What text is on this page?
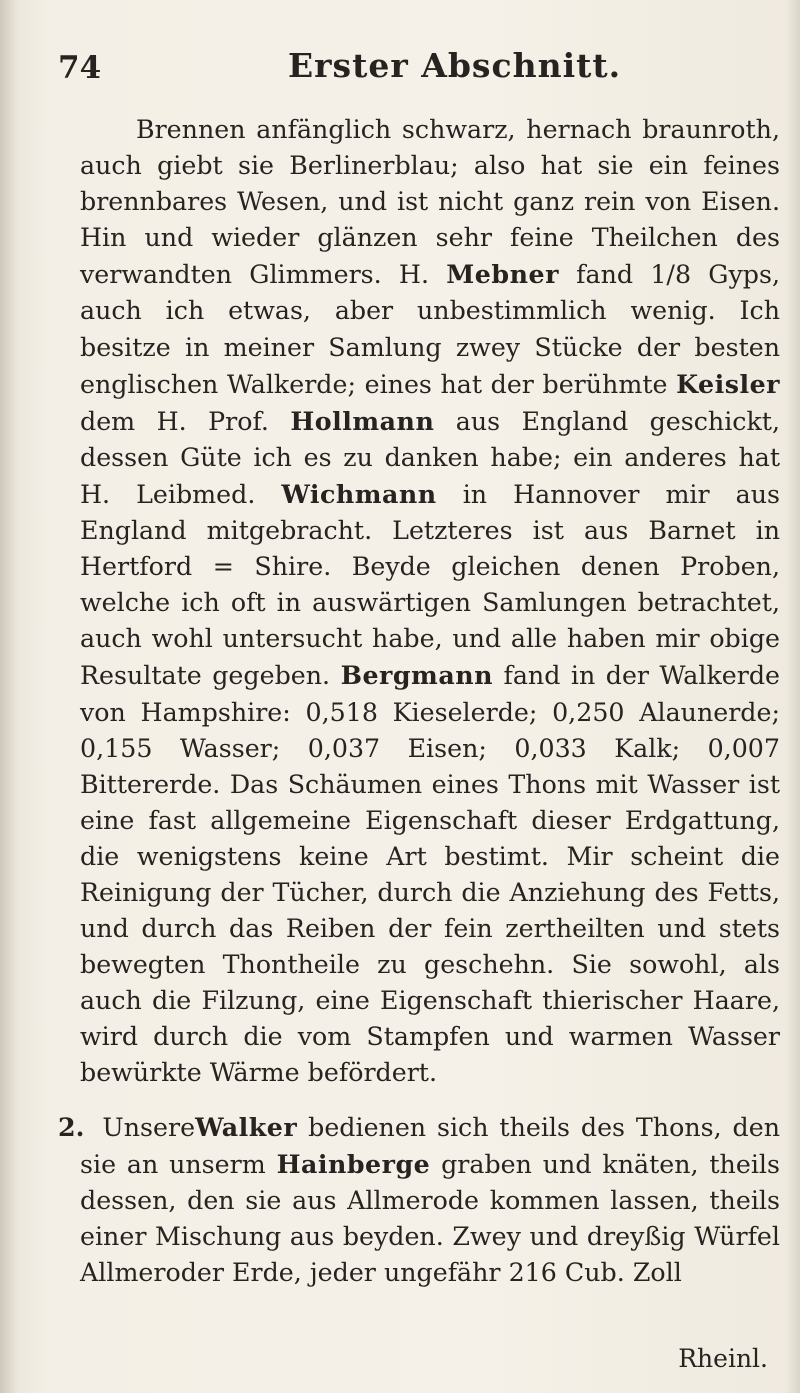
74	Erster Abschnitt.

Brennen anfänglich schwarz, hernach braunroth, auch giebt sie Berlinerblau; also hat sie ein feines brennbares Wesen, und ist nicht ganz rein von Eisen. Hin und wieder glänzen sehr feine Theilchen des verwandten Glimmers. H. Mebner fand 1/8 Gyps, auch ich etwas, aber unbestimmlich wenig. Ich besitze in meiner Samlung zwey Stücke der besten englischen Walkerde; eines hat der berühmte Keisler dem H. Prof. Hollmann aus England geschickt, dessen Güte ich es zu danken habe; ein anderes hat H. Leibmed. Wichmann in Hannover mir aus England mitgebracht. Letzteres ist aus Barnet in Hertford = Shire. Beyde gleichen denen Proben, welche ich oft in auswärtigen Samlungen betrachtet, auch wohl untersucht habe, und alle haben mir obige Resultate gegeben. Bergmann fand in der Walkerde von Hampshire: 0,518 Kieselerde; 0,250 Alaunerde; 0,155 Wasser; 0,037 Eisen; 0,033 Kalk; 0,007 Bittererde. Das Schäumen eines Thons mit Wasser ist eine fast allgemeine Eigenschaft dieser Erdgattung, die wenigstens keine Art bestimt. Mir scheint die Reinigung der Tücher, durch die Anziehung des Fetts, und durch das Reiben der fein zertheilten und stets bewegten Thontheile zu geschehn. Sie sowohl, als auch die Filzung, eine Eigenschaft thierischer Haare, wird durch die vom Stampfen und warmen Wasser bewürkte Wärme befördert.

2. UnsereWalker bedienen sich theils des Thons, den sie an unserm Hainberge graben und knäten, theils dessen, den sie aus Allmerode kommen lassen, theils einer Mischung aus beyden. Zwey und dreyßig Würfel Allmeroder Erde, jeder ungefähr 216 Cub. Zoll

Rheinl.
